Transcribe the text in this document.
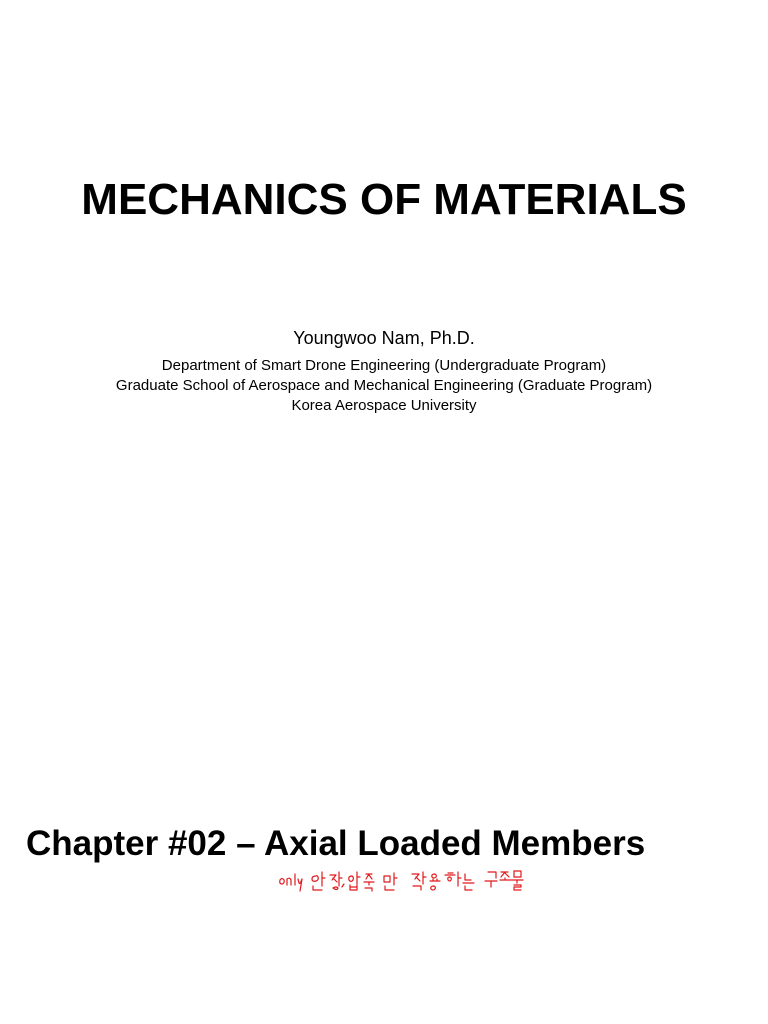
MECHANICS OF MATERIALS
Youngwoo Nam, Ph.D.
Department of Smart Drone Engineering (Undergraduate Program)
Graduate School of Aerospace and Mechanical Engineering (Graduate Program)
Korea Aerospace University
Chapter #02 – Axial Loaded Members
